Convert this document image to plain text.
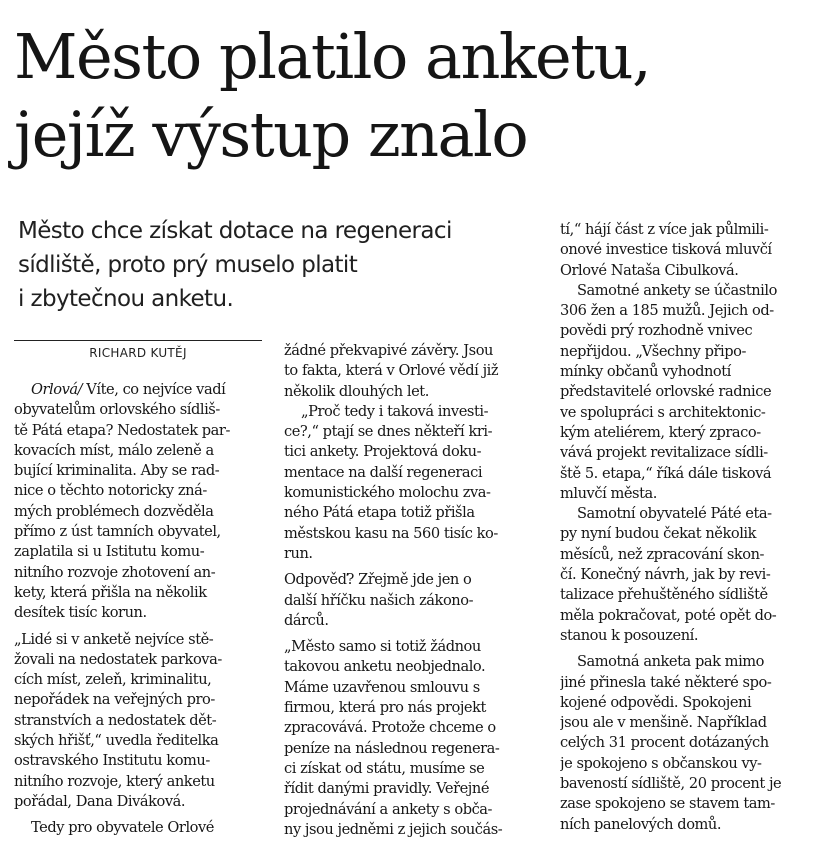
Město platilo anketu,
jejíž výstup znalo
Město chce získat dotace na regeneraci
sídliště, proto prý muselo platit
i zbytečnou anketu.
RICHARD KUTĚJ
Orlová/ Víte, co nejvíce vadí
obyvatelům orlovského sídliš-
tě Pátá etapa? Nedostatek par-
kovacích míst, málo zeleně a
bující kriminalita. Aby se rad-
nice o těchto notoricky zná-
mých problémech dozvěděla
přímo z úst tamních obyvatel,
zaplatila si u Istitutu komu-
nitního rozvoje zhotovení an-
kety, která přišla na několik
desítek tisíc korun.
„Lidé si v anketě nejvíce stě-
žovali na nedostatek parkova-
cích míst, zeleň, kriminalitu,
nepořádek na veřejných pro-
stranstvích a nedostatek dět-
ských hřišť,“ uvedla ředitelka
ostravského Institutu komu-
nitního rozvoje, který anketu
pořádal, Dana Diváková.
Tedy pro obyvatele Orlové
žádné překvapivé závěry. Jsou
to fakta, která v Orlové vědí již
několik dlouhých let.
„Proč tedy i taková investi-
ce?,“ ptají se dnes někteří kri-
tici ankety. Projektová doku-
mentace na další regeneraci
komunistického molochu zva-
ného Pátá etapa totiž přišla
městskou kasu na 560 tisíc ko-
run.
Odpověď? Zřejmě jde jen o
další hříčku našich zákono-
dárců.
„Město samo si totiž žádnou
takovou anketu neobjednalo.
Máme uzavřenou smlouvu s
firmou, která pro nás projekt
zpracovává. Protože chceme o
peníze na následnou regenera-
ci získat od státu, musíme se
řídit danými pravidly. Veřejné
projednávání a ankety s obča-
ny jsou jedněmi z jejich součás-
tí,“ hájí část z více jak půlmili-
onové investice tisková mluvčí
Orlové Nataša Cibulková.
Samotné ankety se účastnilo
306 žen a 185 mužů. Jejich od-
povědi prý rozhodně vnivec
nepřijdou. „Všechny připo-
mínky občanů vyhodnotí
představitelé orlovské radnice
ve spolupráci s architektonic-
kým ateliérem, který zpraco-
vává projekt revitalizace sídli-
ště 5. etapa,“ říká dále tisková
mluvčí města.
Samotní obyvatelé Páté eta-
py nyní budou čekat několik
měsíců, než zpracování skon-
čí. Konečný návrh, jak by revi-
talizace přehuštěného sídliště
měla pokračovat, poté opět do-
stanou k posouzení.
Samotná anketa pak mimo
jiné přinesla také některé spo-
kojené odpovědi. Spokojeni
jsou ale v menšině. Například
celých 31 procent dotázaných
je spokojeno s občanskou vy-
baveností sídliště, 20 procent je
zase spokojeno se stavem tam-
ních panelových domů.
